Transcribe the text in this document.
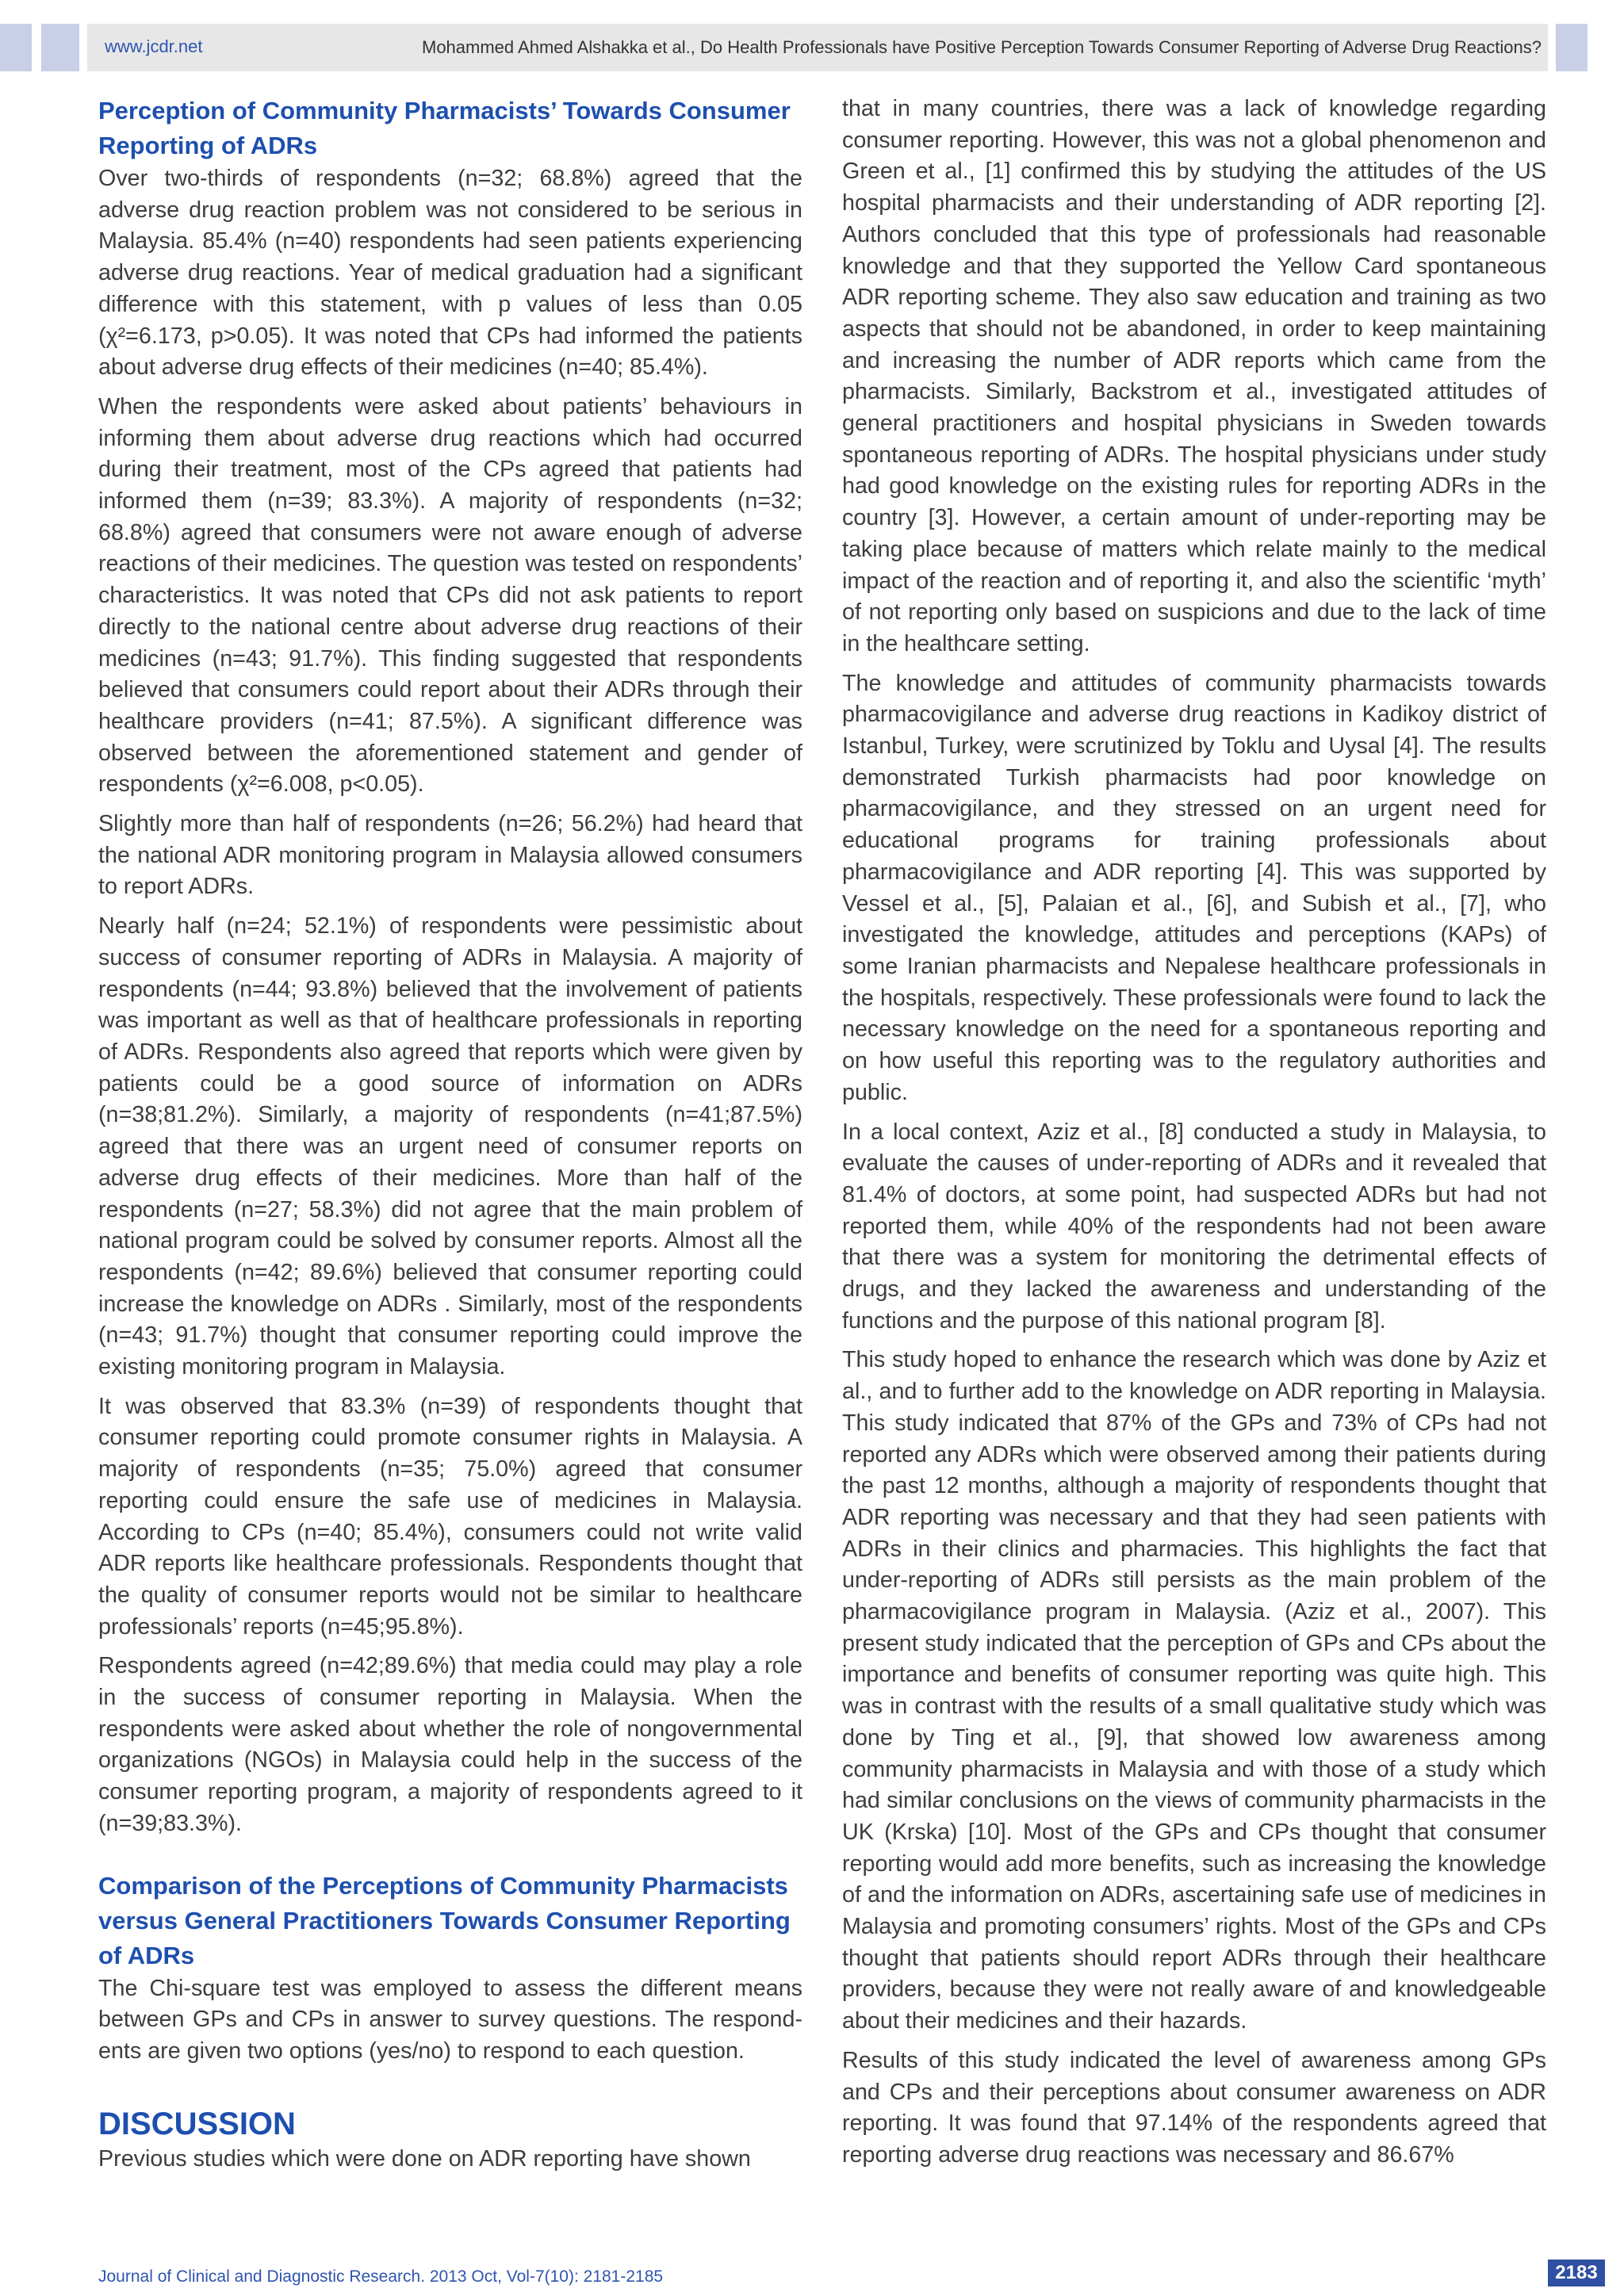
www.jcdr.net	Mohammed Ahmed Alshakka et al., Do Health Professionals have Positive Perception Towards Consumer Reporting of Adverse Drug Reactions?
Perception of Community Pharmacists’ Towards Consumer Reporting of ADRs

Over two-thirds of respondents (n=32; 68.8%) agreed that the adverse drug reaction problem was not considered to be serious in Malaysia. 85.4% (n=40) respondents had seen patients experiencing adverse drug reactions. Year of medical graduation had a significant difference with this statement, with p values of less than 0.05 (χ²=6.173, p>0.05). It was noted that CPs had informed the patients about adverse drug effects of their medicines (n=40; 85.4%).

When the respondents were asked about patients’ behaviours in informing them about adverse drug reactions which had occurred during their treatment, most of the CPs agreed that patients had informed them (n=39; 83.3%). A majority of respondents (n=32; 68.8%) agreed that consumers were not aware enough of adverse reactions of their medicines. The question was tested on respondents’ characteristics. It was noted that CPs did not ask patients to report directly to the national centre about adverse drug reactions of their medicines (n=43; 91.7%). This finding suggested that respondents believed that consumers could report about their ADRs through their healthcare providers (n=41; 87.5%). A significant difference was observed between the aforementioned statement and gender of respondents (χ²=6.008, p<0.05).

Slightly more than half of respondents (n=26; 56.2%) had heard that the national ADR monitoring program in Malaysia allowed consumers to report ADRs.

Nearly half (n=24; 52.1%) of respondents were pessimistic about success of consumer reporting of ADRs in Malaysia. A majority of respondents (n=44; 93.8%) believed that the involvement of patients was important as well as that of healthcare professionals in reporting of ADRs. Respondents also agreed that reports which were given by patients could be a good source of information on ADRs (n=38;81.2%). Similarly, a majority of respondents (n=41;87.5%) agreed that there was an urgent need of consumer reports on adverse drug effects of their medicines. More than half of the respondents (n=27; 58.3%) did not agree that the main problem of national program could be solved by consumer reports. Almost all the respondents (n=42; 89.6%) believed that consumer reporting could increase the knowledge on ADRs . Similarly, most of the respondents (n=43; 91.7%) thought that consumer reporting could improve the existing monitoring program in Malaysia.

It was observed that 83.3% (n=39) of respondents thought that consumer reporting could promote consumer rights in Malaysia. A majority of respondents (n=35; 75.0%) agreed that consumer reporting could ensure the safe use of medicines in Malaysia. According to CPs (n=40; 85.4%), consumers could not write valid ADR reports like healthcare professionals. Respondents thought that the quality of consumer reports would not be similar to healthcare professionals’ reports (n=45;95.8%).

Respondents agreed (n=42;89.6%) that media could may play a role in the success of consumer reporting in Malaysia. When the respondents were asked about whether the role of nongovernmental organizations (NGOs) in Malaysia could help in the success of the consumer reporting program, a majority of respondents agreed to it (n=39;83.3%).

Comparison of the Perceptions of Community Pharmacists versus General Practitioners Towards Consumer Reporting of ADRs

The Chi-square test was employed to assess the different means between GPs and CPs in answer to survey questions. The respond-ents are given two options (yes/no) to respond to each question.

DISCUSSION

Previous studies which were done on ADR reporting have shown

that in many countries, there was a lack of knowledge regarding consumer reporting. However, this was not a global phenomenon and Green et al., [1] confirmed this by studying the attitudes of the US hospital pharmacists and their understanding of ADR reporting [2]. Authors concluded that this type of professionals had reasonable knowledge and that they supported the Yellow Card spontaneous ADR reporting scheme. They also saw education and training as two aspects that should not be abandoned, in order to keep maintaining and increasing the number of ADR reports which came from the pharmacists. Similarly, Backstrom et al., investigated attitudes of general practitioners and hospital physicians in Sweden towards spontaneous reporting of ADRs. The hospital physicians under study had good knowledge on the existing rules for reporting ADRs in the country [3]. However, a certain amount of under-reporting may be taking place because of matters which relate mainly to the medical impact of the reaction and of reporting it, and also the scientific ‘myth’ of not reporting only based on suspicions and due to the lack of time in the healthcare setting.

The knowledge and attitudes of community pharmacists towards pharmacovigilance and adverse drug reactions in Kadikoy district of Istanbul, Turkey, were scrutinized by Toklu and Uysal [4]. The results demonstrated Turkish pharmacists had poor knowledge on pharmacovigilance, and they stressed on an urgent need for educational programs for training professionals about pharmacovigilance and ADR reporting [4]. This was supported by Vessel et al., [5], Palaian et al., [6], and Subish et al., [7], who investigated the knowledge, attitudes and perceptions (KAPs) of some Iranian pharmacists and Nepalese healthcare professionals in the hospitals, respectively. These professionals were found to lack the necessary knowledge on the need for a spontaneous reporting and on how useful this reporting was to the regulatory authorities and public.

In a local context, Aziz et al., [8] conducted a study in Malaysia, to evaluate the causes of under-reporting of ADRs and it revealed that 81.4% of doctors, at some point, had suspected ADRs but had not reported them, while 40% of the respondents had not been aware that there was a system for monitoring the detrimental effects of drugs, and they lacked the awareness and understanding of the functions and the purpose of this national program [8].

This study hoped to enhance the research which was done by Aziz et al., and to further add to the knowledge on ADR reporting in Malaysia. This study indicated that 87% of the GPs and 73% of CPs had not reported any ADRs which were observed among their patients during the past 12 months, although a majority of respondents thought that ADR reporting was necessary and that they had seen patients with ADRs in their clinics and pharmacies. This highlights the fact that under-reporting of ADRs still persists as the main problem of the pharmacovigilance program in Malaysia. (Aziz et al., 2007). This present study indicated that the perception of GPs and CPs about the importance and benefits of consumer reporting was quite high. This was in contrast with the results of a small qualitative study which was done by Ting et al., [9], that showed low awareness among community pharmacists in Malaysia and with those of a study which had similar conclusions on the views of community pharmacists in the UK (Krska) [10]. Most of the GPs and CPs thought that consumer reporting would add more benefits, such as increasing the knowledge of and the information on ADRs, ascertaining safe use of medicines in Malaysia and promoting consumers’ rights. Most of the GPs and CPs thought that patients should report ADRs through their healthcare providers, because they were not really aware of and knowledgeable about their medicines and their hazards.

Results of this study indicated the level of awareness among GPs and CPs and their perceptions about consumer awareness on ADR reporting. It was found that 97.14% of the respondents agreed that reporting adverse drug reactions was necessary and 86.67%

Journal of Clinical and Diagnostic Research. 2013 Oct, Vol-7(10): 2181-2185	2183
